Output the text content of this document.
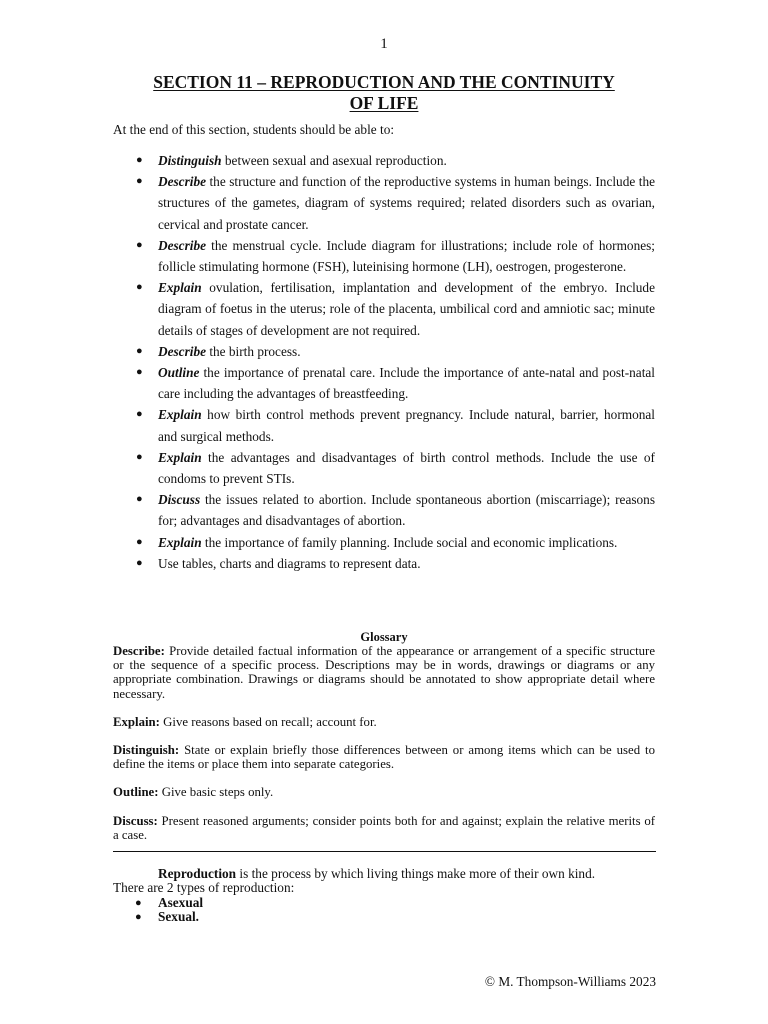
1
SECTION 11 – REPRODUCTION AND THE CONTINUITY
OF LIFE
At the end of this section, students should be able to:
● Distinguish between sexual and asexual reproduction.
● Describe the structure and function of the reproductive systems in human beings. Include the structures of the gametes, diagram of systems required; related disorders such as ovarian, cervical and prostate cancer.
● Describe the menstrual cycle. Include diagram for illustrations; include role of hormones; follicle stimulating hormone (FSH), luteinising hormone (LH), oestrogen, progesterone.
● Explain ovulation, fertilisation, implantation and development of the embryo. Include diagram of foetus in the uterus; role of the placenta, umbilical cord and amniotic sac; minute details of stages of development are not required.
● Describe the birth process.
● Outline the importance of prenatal care. Include the importance of ante-natal and post-natal care including the advantages of breastfeeding.
● Explain how birth control methods prevent pregnancy. Include natural, barrier, hormonal and surgical methods.
● Explain the advantages and disadvantages of birth control methods. Include the use of condoms to prevent STIs.
● Discuss the issues related to abortion. Include spontaneous abortion (miscarriage); reasons for; advantages and disadvantages of abortion.
● Explain the importance of family planning. Include social and economic implications.
● Use tables, charts and diagrams to represent data.
Glossary

Describe: Provide detailed factual information of the appearance or arrangement of a specific structure or the sequence of a specific process. Descriptions may be in words, drawings or diagrams or any appropriate combination. Drawings or diagrams should be annotated to show appropriate detail where necessary.

Explain: Give reasons based on recall; account for.

Distinguish: State or explain briefly those differences between or among items which can be used to define the items or place them into separate categories.

Outline: Give basic steps only.

Discuss: Present reasoned arguments; consider points both for and against; explain the relative merits of a case.

Reproduction is the process by which living things make more of their own kind.
There are 2 types of reproduction:
● Asexual
● Sexual.
© M. Thompson-Williams 2023
